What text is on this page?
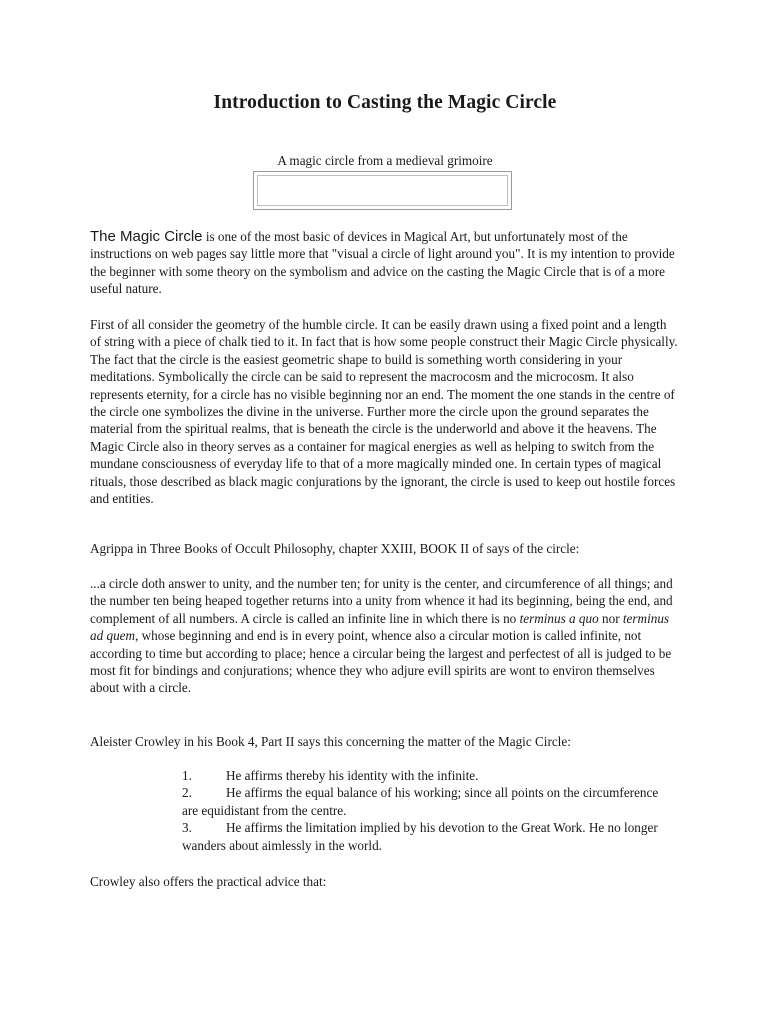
Introduction to Casting the Magic Circle

A magic circle from a medieval grimoire

The Magic Circle is one of the most basic of devices in Magical Art, but unfortunately most of the instructions on web pages say little more that "visual a circle of light around you". It is my intention to provide the beginner with some theory on the symbolism and advice on the casting the Magic Circle that is of a more useful nature.

First of all consider the geometry of the humble circle. It can be easily drawn using a fixed point and a length of string with a piece of chalk tied to it. In fact that is how some people construct their Magic Circle physically. The fact that the circle is the easiest geometric shape to build is something worth considering in your meditations. Symbolically the circle can be said to represent the macrocosm and the microcosm. It also represents eternity, for a circle has no visible beginning nor an end. The moment the one stands in the centre of the circle one symbolizes the divine in the universe. Further more the circle upon the ground separates the material from the spiritual realms, that is beneath the circle is the underworld and above it the heavens. The Magic Circle also in theory serves as a container for magical energies as well as helping to switch from the mundane consciousness of everyday life to that of a more magically minded one. In certain types of magical rituals, those described as black magic conjurations by the ignorant, the circle is used to keep out hostile forces and entities.

Agrippa in Three Books of Occult Philosophy, chapter XXIII, BOOK II of says of the circle:

...a circle doth answer to unity, and the number ten; for unity is the center, and circumference of all things; and the number ten being heaped together returns into a unity from whence it had its beginning, being the end, and complement of all numbers. A circle is called an infinite line in which there is no terminus a quo nor terminus ad quem, whose beginning and end is in every point, whence also a circular motion is called infinite, not according to time but according to place; hence a circular being the largest and perfectest of all is judged to be most fit for bindings and conjurations; whence they who adjure evill spirits are wont to environ themselves about with a circle.

Aleister Crowley in his Book 4, Part II says this concerning the matter of the Magic Circle:

1.	He affirms thereby his identity with the infinite.

2.	He affirms the equal balance of his working; since all points on the circumference are equidistant from the centre.

3.	He affirms the limitation implied by his devotion to the Great Work. He no longer wanders about aimlessly in the world.

Crowley also offers the practical advice that:
